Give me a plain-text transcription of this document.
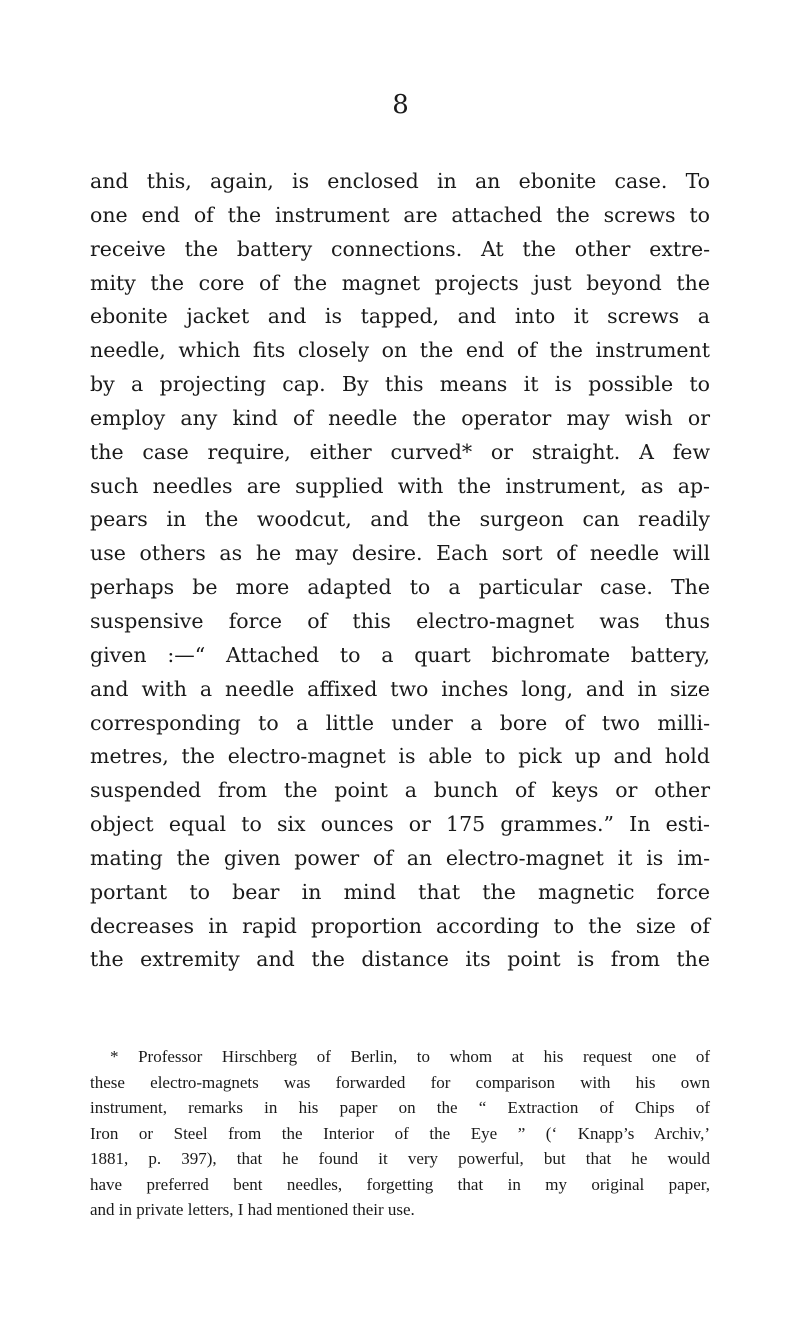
8
and this, again, is enclosed in an ebonite case. To
one end of the instrument are attached the screws to
receive the battery connections. At the other extre-
mity the core of the magnet projects just beyond the
ebonite jacket and is tapped, and into it screws a
needle, which fits closely on the end of the instrument
by a projecting cap. By this means it is possible to
employ any kind of needle the operator may wish or
the case require, either curved* or straight. A few
such needles are supplied with the instrument, as ap-
pears in the woodcut, and the surgeon can readily
use others as he may desire. Each sort of needle will
perhaps be more adapted to a particular case. The
suspensive force of this electro-magnet was thus
given :—“ Attached to a quart bichromate battery,
and with a needle affixed two inches long, and in size
corresponding to a little under a bore of two milli-
metres, the electro-magnet is able to pick up and hold
suspended from the point a bunch of keys or other
object equal to six ounces or 175 grammes.” In esti-
mating the given power of an electro-magnet it is im-
portant to bear in mind that the magnetic force
decreases in rapid proportion according to the size of
the extremity and the distance its point is from the
* Professor Hirschberg of Berlin, to whom at his request one of
these electro-magnets was forwarded for comparison with his own
instrument, remarks in his paper on the “ Extraction of Chips of
Iron or Steel from the Interior of the Eye ” (‘ Knapp’s Archiv,’
1881, p. 397), that he found it very powerful, but that he would
have preferred bent needles, forgetting that in my original paper,
and in private letters, I had mentioned their use.
